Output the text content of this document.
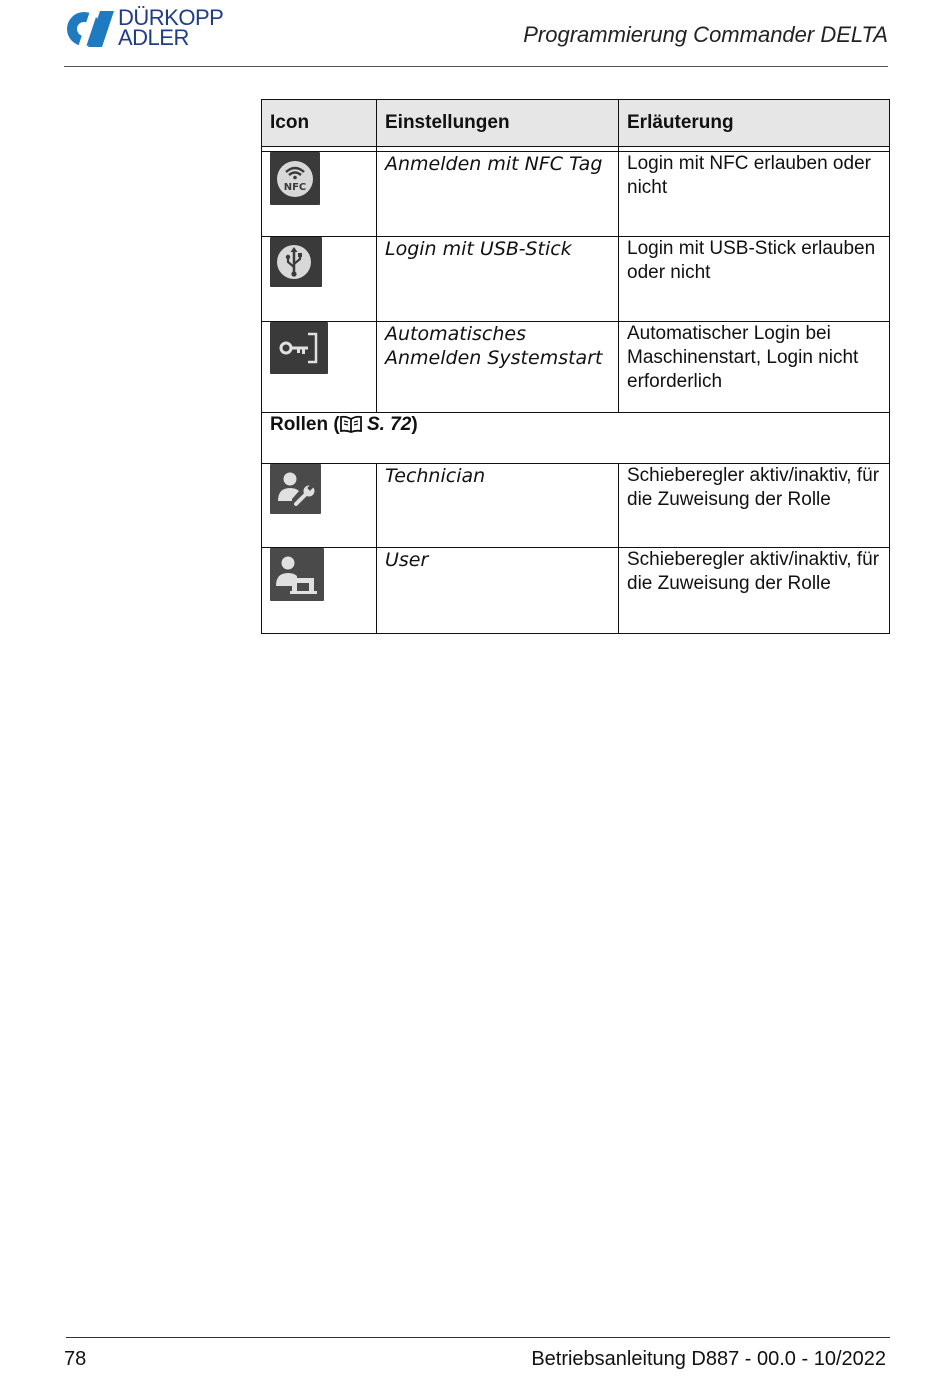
DÜRKOPP
ADLER	Programmierung Commander DELTA
Icon	Einstellungen	Erläuterung

NFC	Anmelden mit NFC Tag	Login mit NFC erlauben oder nicht

	Login mit USB-Stick	Login mit USB-Stick erlauben oder nicht

	Automatisches Anmelden Systemstart	Automatischer Login bei Maschinenstart, Login nicht erforderlich
Rollen ( S. 72)		

	Technician	Schieberegler aktiv/inaktiv, für die Zuweisung der Rolle

	User	Schieberegler aktiv/inaktiv, für die Zuweisung der Rolle
78	Betriebsanleitung D887 - 00.0 - 10/2022
